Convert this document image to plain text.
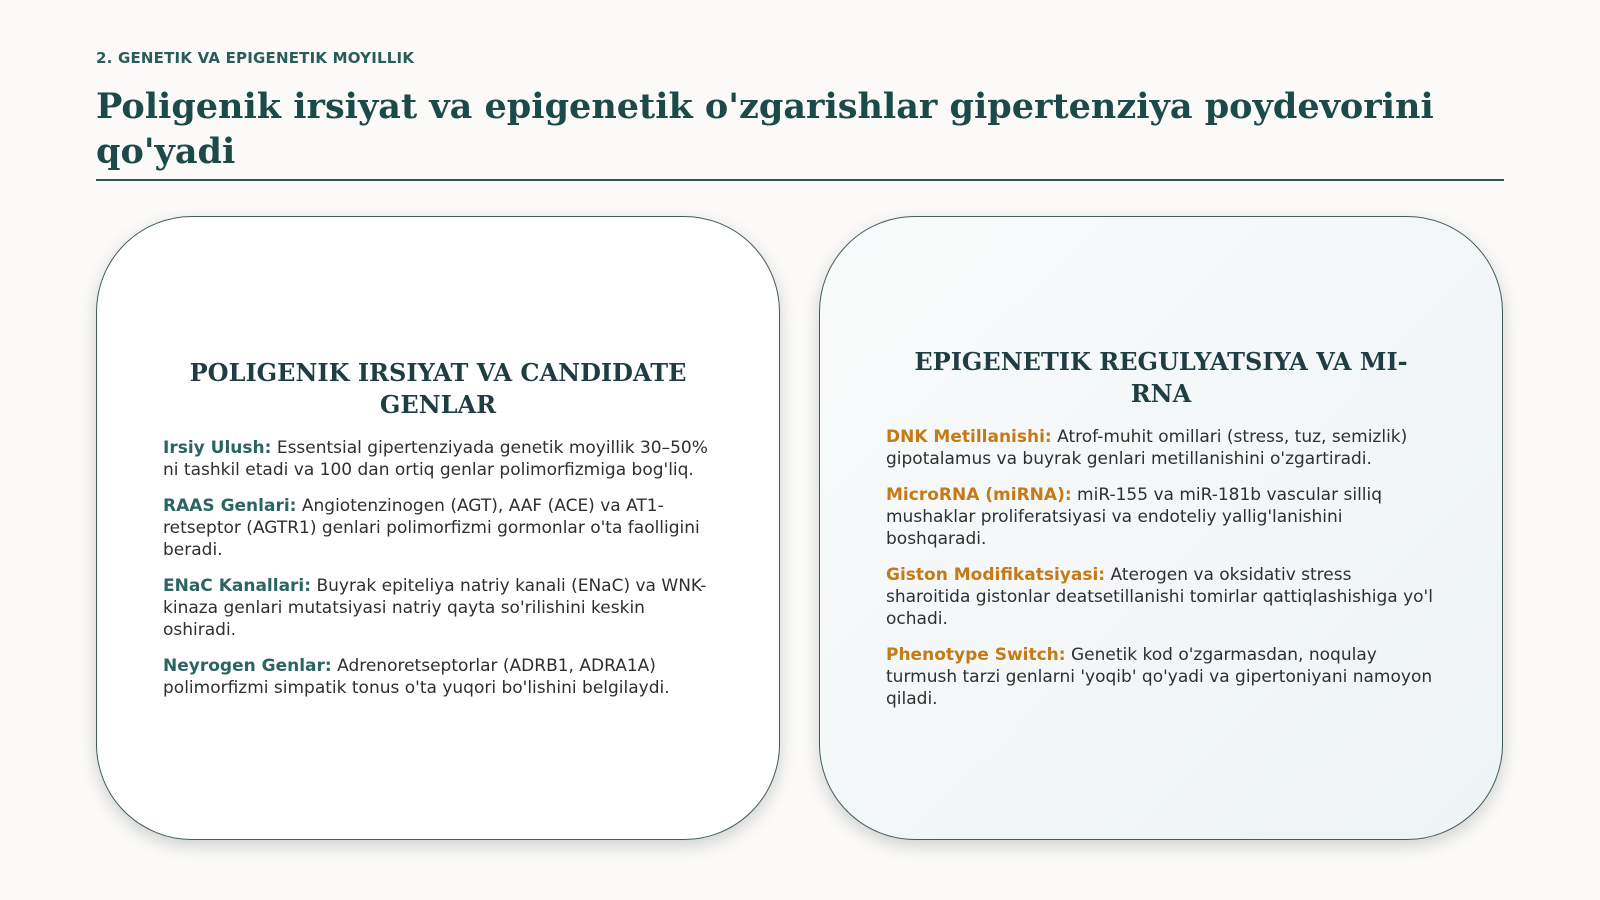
2. GENETIK VA EPIGENETIK MOYILLIK
Poligenik irsiyat va epigenetik o'zgarishlar gipertenziya poydevorini qo'yadi
POLIGENIK IRSIYAT VA CANDIDATE GENLAR

Irsiy Ulush: Essentsial gipertenziyada genetik moyillik 30–50% ni tashkil etadi va 100 dan ortiq genlar polimorfizmiga bog'liq.

RAAS Genlari: Angiotenzinogen (AGT), AAF (ACE) va AT1-retseptor (AGTR1) genlari polimorfizmi gormonlar o'ta faolligini beradi.

ENaC Kanallari: Buyrak epiteliya natriy kanali (ENaC) va WNK-kinaza genlari mutatsiyasi natriy qayta so'rilishini keskin oshiradi.

Neyrogen Genlar: Adrenoretseptorlar (ADRB1, ADRA1A) polimorfizmi simpatik tonus o'ta yuqori bo'lishini belgilaydi.

EPIGENETIK REGULYATSIYA VA MI-RNA

DNK Metillanishi: Atrof-muhit omillari (stress, tuz, semizlik) gipotalamus va buyrak genlari metillanishini o'zgartiradi.

MicroRNA (miRNA): miR-155 va miR-181b vascular silliq mushaklar proliferatsiyasi va endoteliy yallig'lanishini boshqaradi.

Giston Modifikatsiyasi: Aterogen va oksidativ stress sharoitida gistonlar deatsetillanishi tomirlar qattiqlashishiga yo'l ochadi.

Phenotype Switch: Genetik kod o'zgarmasdan, noqulay turmush tarzi genlarni 'yoqib' qo'yadi va gipertoniyani namoyon qiladi.
